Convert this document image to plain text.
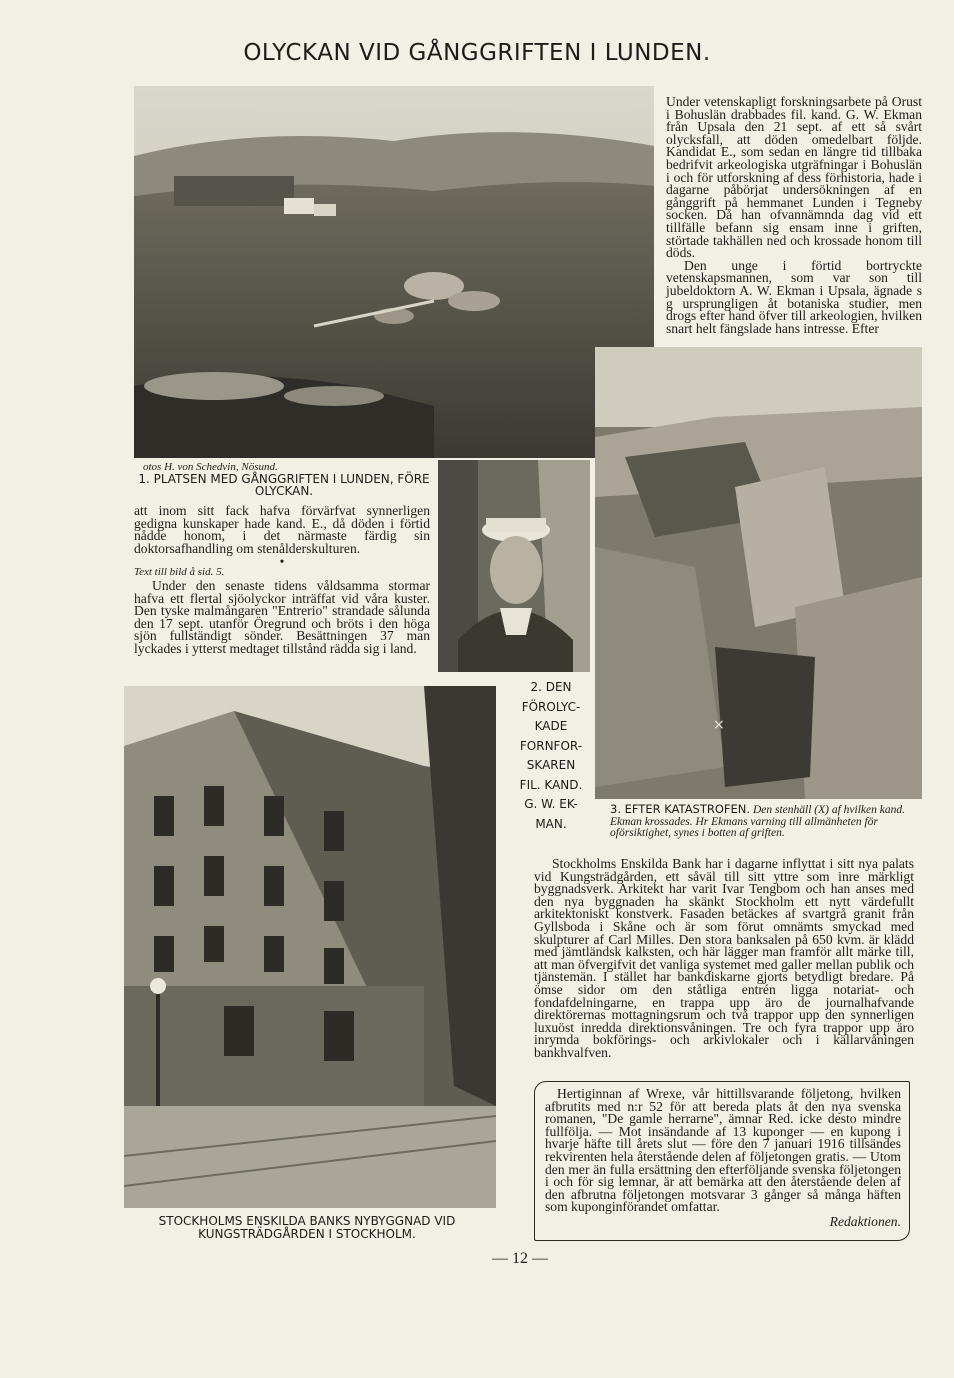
OLYCKAN VID GÅNGGRIFTEN I LUNDEN.

Under vetenskapligt forskningsarbete på Orust i Bohuslän drabbades fil. kand. G. W. Ekman från Upsala den 21 sept. af ett så svårt olycksfall, att döden omedelbart följde. Kandidat E., som sedan en längre tid tillbaka bedrifvit arkeologiska utgräfningar i Bohuslän i och för utforskning af dess förhistoria, hade i dagarne påbörjat undersökningen af en gånggrift på hemmanet Lunden i Tegneby socken. Då han ofvannämnda dag vid ett tillfälle befann sig ensam inne i griften, störtade takhällen ned och krossade honom till döds.

Den unge i förtid bortryckte vetenskapsmannen, som var son till jubeldoktorn A. W. Ekman i Upsala, ägnade s g ursprungligen åt botaniska studier, men drogs efter hand öfver till arkeologien, hvilken snart helt fängslade hans intresse. Efter

×
otos H. von Schedvin, Nösund.
1. PLATSEN MED GÅNGGRIFTEN I LUNDEN, FÖRE OLYCKAN.

att inom sitt fack hafva förvärfvat synnerligen gedigna kunskaper hade kand. E., då döden i förtid nådde honom, i det närmaste färdig sin doktorsafhandling om stenålderskulturen.

•

Text till bild å sid. 5.

Under den senaste tidens våldsamma stormar hafva ett flertal sjöolyckor inträffat vid våra kuster. Den tyske malmångaren "Entrerio" strandade sålunda den 17 sept. utanför Öregrund och bröts i den höga sjön fullständigt sönder. Besättningen 37 man lyckades i ytterst medtaget tillstånd rädda sig i land.

2. DEN
FÖROLYC-
KADE
FORNFOR-
SKAREN
FIL. KAND.
G. W. EK-
MAN.
3. EFTER KATASTROFEN. Den stenhäll (X) af hvilken kand. Ekman krossades. Hr Ekmans varning till allmänheten för oförsiktighet, synes i botten af griften.
STOCKHOLMS ENSKILDA BANKS NYBYGGNAD VID KUNGSTRÄDGÅRDEN I STOCKHOLM.

Stockholms Enskilda Bank har i dagarne inflyttat i sitt nya palats vid Kungsträdgården, ett såväl till sitt yttre som inre märkligt byggnadsverk. Arkitekt har varit Ivar Tengbom och han anses med den nya byggnaden ha skänkt Stockholm ett nytt värdefullt arkitektoniskt konstverk. Fasaden betäckes af svartgrå granit från Gyllsboda i Skåne och är som förut omnämts smyckad med skulpturer af Carl Milles. Den stora banksalen på 650 kvm. är klädd med jämtländsk kalksten, och här lägger man framför allt märke till, att man öfvergifvit det vanliga systemet med galler mellan publik och tjänstemän. I stället har bankdiskarne gjorts betydligt bredare. På ömse sidor om den ståtliga entrén ligga notariat- och fondafdelningarne, en trappa upp äro de journalhafvande direktörernas mottagningsrum och två trappor upp den synnerligen luxuöst inredda direktionsvåningen. Tre och fyra trappor upp äro inrymda bokförings- och arkivlokaler och i källarvåningen bankhvalfven.

Hertiginnan af Wrexe, vår hittillsvarande följetong, hvilken afbrutits med n:r 52 för att bereda plats åt den nya svenska romanen, "De gamle herrarne", ämnar Red. icke desto mindre fullfölja. — Mot insändande af 13 kuponger — en kupong i hvarje häfte till årets slut — före den 7 januari 1916 tillsändes rekvirenten hela återstående delen af följetongen gratis. — Utom den mer än fulla ersättning den efterföljande svenska följetongen i och för sig lemnar, är att bemärka att den återstående delen af den afbrutna följetongen motsvarar 3 gånger så många häften som kuponginförandet omfattar.

Redaktionen.
— 12 —
